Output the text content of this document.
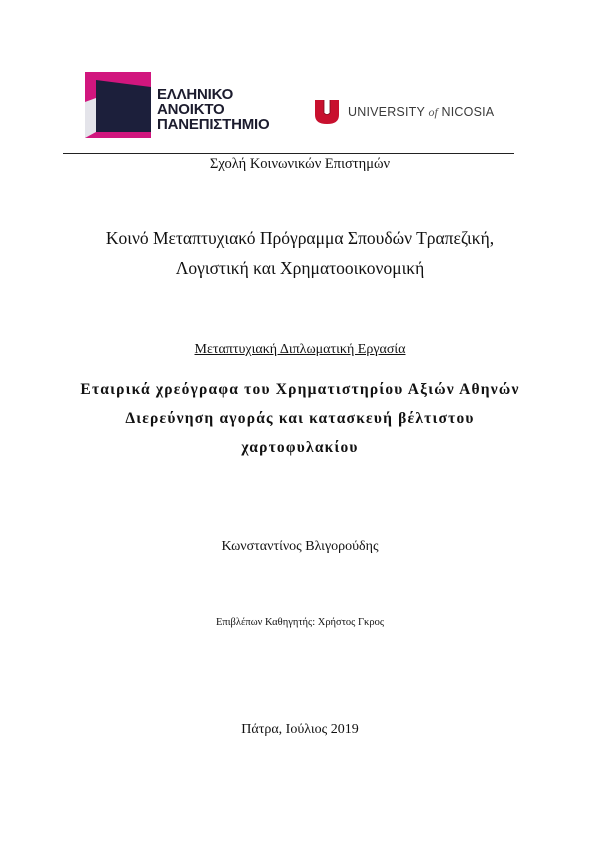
ΕΛΛΗΝΙΚΟ
ΑΝΟΙΚΤΟ
ΠΑΝΕΠΙΣΤΗΜΙΟ
UNIVERSITY of NICOSIA
Σχολή Κοινωνικών Επιστημών
Κοινό Μεταπτυχιακό Πρόγραμμα Σπουδών Τραπεζική,
Λογιστική και Χρηματοοικονομική
Μεταπτυχιακή Διπλωματική Εργασία
Εταιρικά χρεόγραφα του Χρηματιστηρίου Αξιών Αθηνών
Διερεύνηση αγοράς και κατασκευή βέλτιστου
χαρτοφυλακίου
Κωνσταντίνος Βλιγορούδης
Επιβλέπων Καθηγητής: Χρήστος Γκρος
Πάτρα, Ιούλιος 2019
